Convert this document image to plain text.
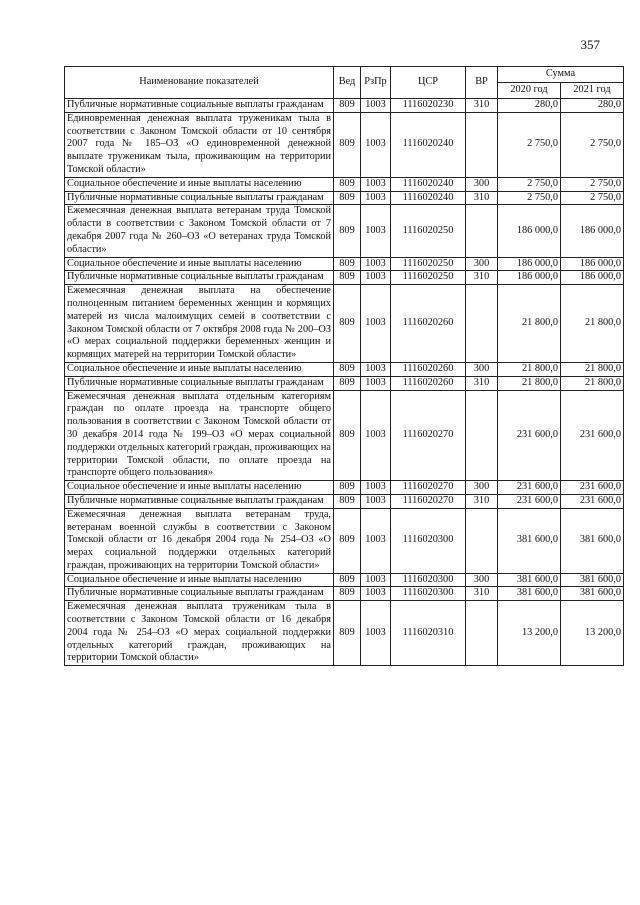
357
Наименование показателей	Вед	РзПр	ЦСР	ВР	Сумма	
					2020 год	2021 год
Публичные нормативные социальные выплаты гражданам	809	1003	1116020230	310	280,0	280,0
Единовременная денежная выплата труженикам тыла в соответствии с Законом Томской области от 10 сентября 2007 года № 185–ОЗ «О единовременной денежной выплате труженикам тыла, проживающим на территории Томской области»	809	1003	1116020240		2 750,0	2 750,0
Социальное обеспечение и иные выплаты населению	809	1003	1116020240	300	2 750,0	2 750,0
Публичные нормативные социальные выплаты гражданам	809	1003	1116020240	310	2 750,0	2 750,0
Ежемесячная денежная выплата ветеранам труда Томской области в соответствии с Законом Томской области от 7 декабря 2007 года № 260–ОЗ «О ветеранах труда Томской области»	809	1003	1116020250		186 000,0	186 000,0
Социальное обеспечение и иные выплаты населению	809	1003	1116020250	300	186 000,0	186 000,0
Публичные нормативные социальные выплаты гражданам	809	1003	1116020250	310	186 000,0	186 000,0
Ежемесячная денежная выплата на обеспечение полноценным питанием беременных женщин и кормящих матерей из числа малоимущих семей в соответствии с Законом Томской области от 7 октября 2008 года № 200–ОЗ «О мерах социальной поддержки беременных женщин и кормящих матерей на территории Томской области»	809	1003	1116020260		21 800,0	21 800,0
Социальное обеспечение и иные выплаты населению	809	1003	1116020260	300	21 800,0	21 800,0
Публичные нормативные социальные выплаты гражданам	809	1003	1116020260	310	21 800,0	21 800,0
Ежемесячная денежная выплата отдельным категориям граждан по оплате проезда на транспорте общего пользования в соответствии с Законом Томской области от 30 декабря 2014 года № 199–ОЗ «О мерах социальной поддержки отдельных категорий граждан, проживающих на территории Томской области, по оплате проезда на транспорте общего пользования»	809	1003	1116020270		231 600,0	231 600,0
Социальное обеспечение и иные выплаты населению	809	1003	1116020270	300	231 600,0	231 600,0
Публичные нормативные социальные выплаты гражданам	809	1003	1116020270	310	231 600,0	231 600,0
Ежемесячная денежная выплата ветеранам труда, ветеранам военной службы в соответствии с Законом Томской области от 16 декабря 2004 года № 254–ОЗ «О мерах социальной поддержки отдельных категорий граждан, проживающих на территории Томской области»	809	1003	1116020300		381 600,0	381 600,0
Социальное обеспечение и иные выплаты населению	809	1003	1116020300	300	381 600,0	381 600,0
Публичные нормативные социальные выплаты гражданам	809	1003	1116020300	310	381 600,0	381 600,0
Ежемесячная денежная выплата труженикам тыла в соответствии с Законом Томской области от 16 декабря 2004 года № 254–ОЗ «О мерах социальной поддержки отдельных категорий граждан, проживающих на территории Томской области»	809	1003	1116020310		13 200,0	13 200,0
